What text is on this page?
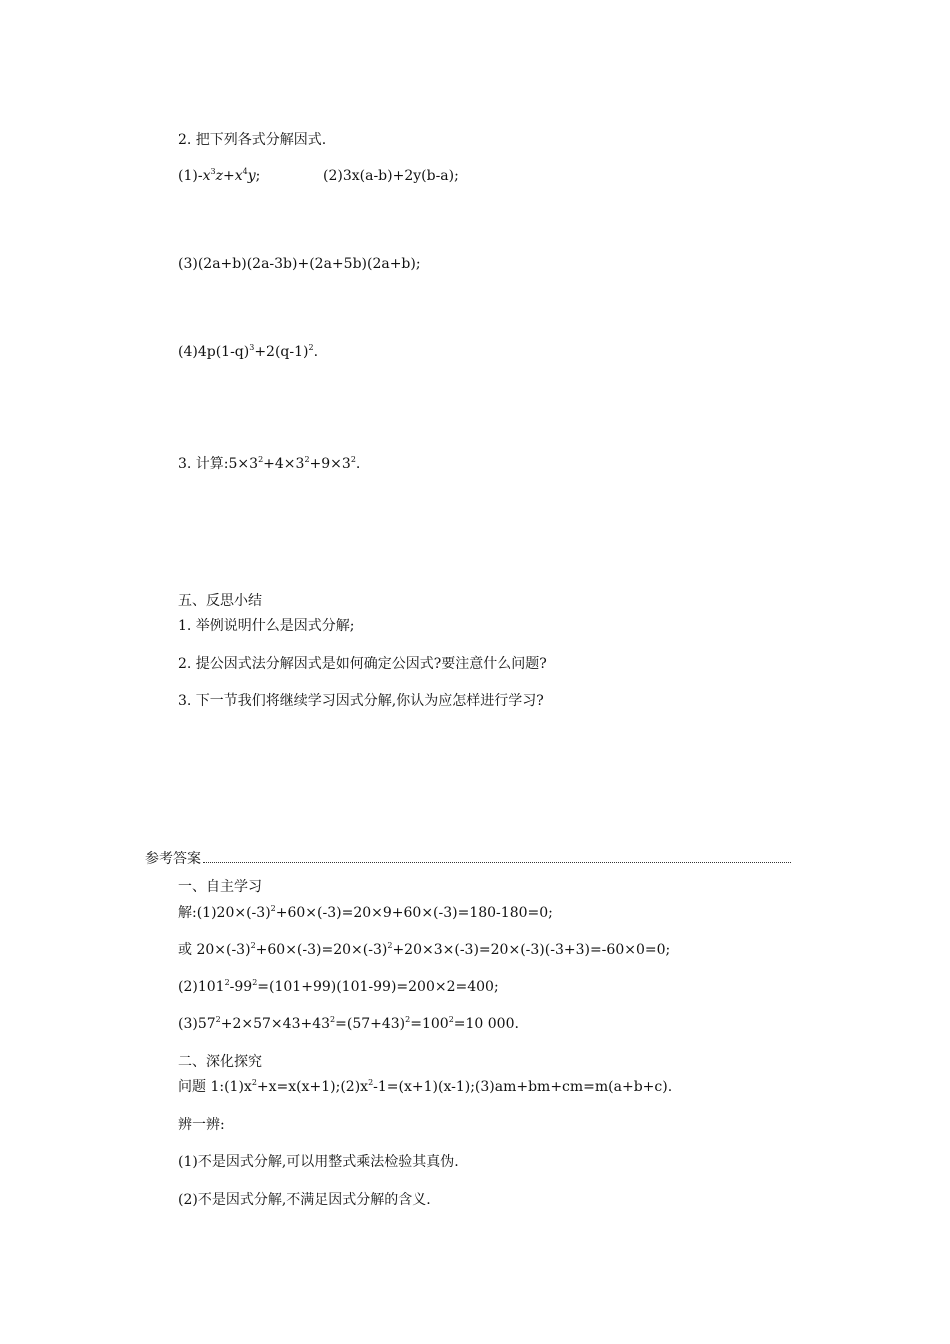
2. 把下列各式分解因式.
$(1)-x^3z+x^4y$;	(2)3x(a-b)+2y(b-a);
(3)(2a+b)(2a-3b)+(2a+5b)(2a+b);
$(4)4p(1-q)^3+2(q-1)^2$.
3. 计算$:5\times 3^2+4\times 3^2+9\times 3^2$.
五、反思小结
1. 举例说明什么是因式分解;
2. 提公因式法分解因式是如何确定公因式?要注意什么问题?
3. 下一节我们将继续学习因式分解,你认为应怎样进行学习?
参考答案
一、自主学习
解$:(1)20\times(-3)^2+60\times(-3)=20\times 9+60\times(-3)=180-180=0$;
或 $20\times(-3)^2+60\times(-3)=20\times(-3)^2+20\times 3\times(-3)=20\times(-3)(-3+3)=-60\times 0=0$;
$(2)101^2-99^2=(101+99)(101-99)=200\times 2=400$;
$(3)57^2+2\times 57\times 43+43^2=(57+43)^2=100^2=10$ 000.
二、深化探究
问题 $1:(1)x^2+x=x(x+1);(2)x^2-1=(x+1)(x-1);(3)am+bm+cm=m(a+b+c)$.
辨一辨:
(1)不是因式分解,可以用整式乘法检验其真伪.
(2)不是因式分解,不满足因式分解的含义.
